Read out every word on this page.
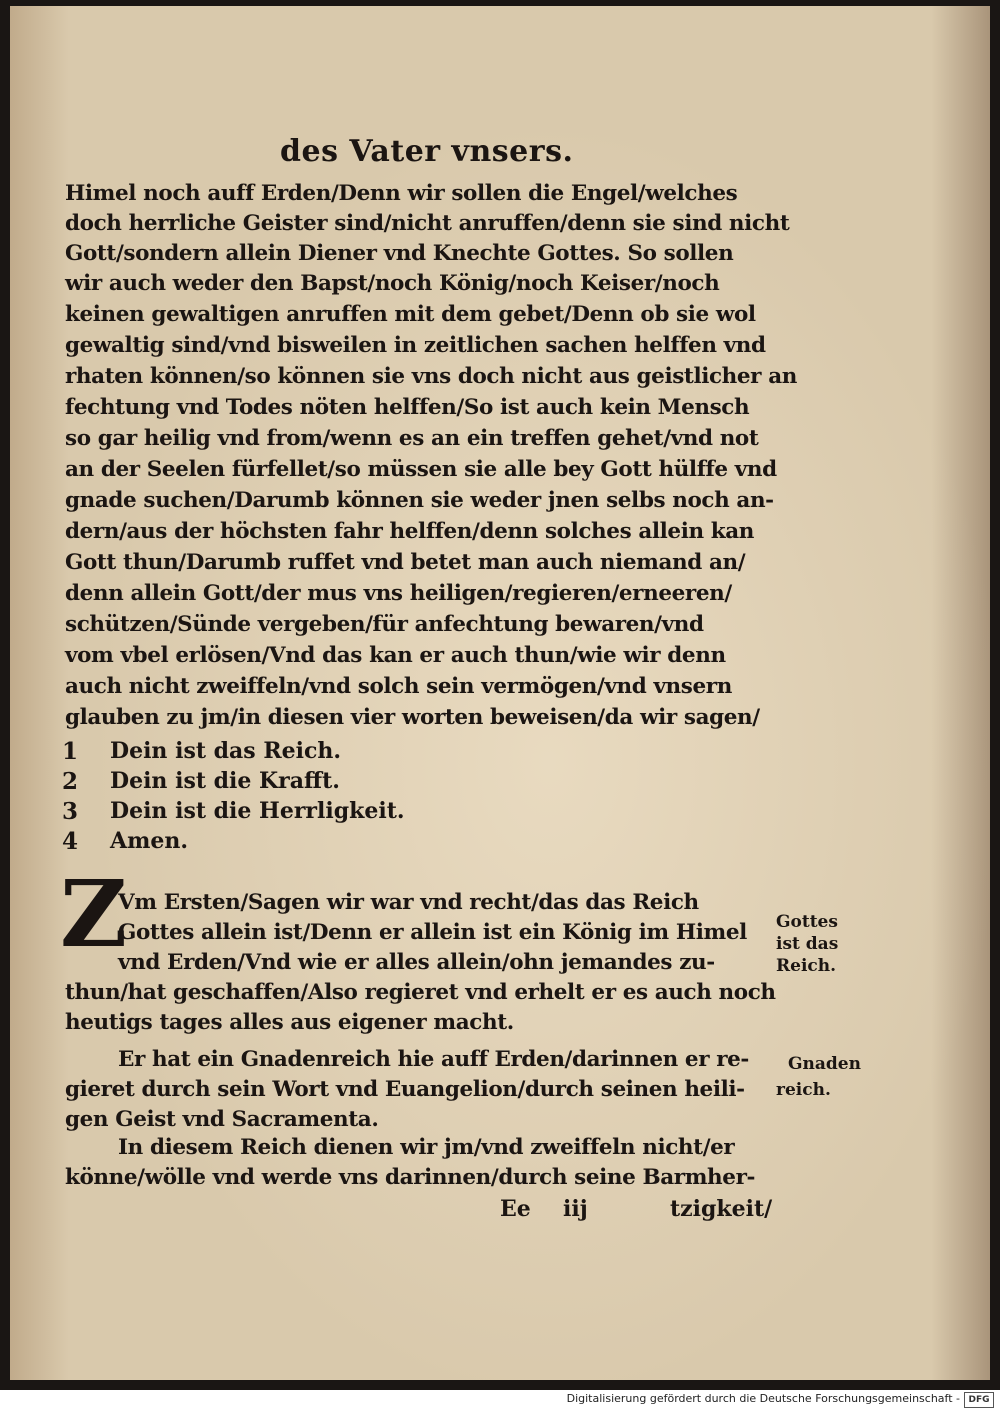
des Vater vnsers.
Himel noch auff Erden/Denn wir sollen die Engel/welches
doch herrliche Geister sind/nicht anruffen/denn sie sind nicht
Gott/sondern allein Diener vnd Knechte Gottes. So sollen
wir auch weder den Bapst/noch König/noch Keiser/noch
keinen gewaltigen anruffen mit dem gebet/Denn ob sie wol
gewaltig sind/vnd bisweilen in zeitlichen sachen helffen vnd
rhaten können/so können sie vns doch nicht aus geistlicher an
fechtung vnd Todes nöten helffen/So ist auch kein Mensch
so gar heilig vnd from/wenn es an ein treffen gehet/vnd not
an der Seelen fürfellet/so müssen sie alle bey Gott hülffe vnd
gnade suchen/Darumb können sie weder jnen selbs noch an-
dern/aus der höchsten fahr helffen/denn solches allein kan
Gott thun/Darumb ruffet vnd betet man auch niemand an/
denn allein Gott/der mus vns heiligen/regieren/erneeren/
schützen/Sünde vergeben/für anfechtung bewaren/vnd
vom vbel erlösen/Vnd das kan er auch thun/wie wir denn
auch nicht zweiffeln/vnd solch sein vermögen/vnd vnsern
glauben zu jm/in diesen vier worten beweisen/da wir sagen/
1 Dein ist das Reich.
2 Dein ist die Krafft.
3 Dein ist die Herrligkeit.
4 Amen.
Z
Vm Ersten/Sagen wir war vnd recht/das das Reich
Gottes allein ist/Denn er allein ist ein König im Himel
vnd Erden/Vnd wie er alles allein/ohn jemandes zu-
thun/hat geschaffen/Also regieret vnd erhelt er es auch noch
heutigs tages alles aus eigener macht.
Er hat ein Gnadenreich hie auff Erden/darinnen er re-
gieret durch sein Wort vnd Euangelion/durch seinen heili-
gen Geist vnd Sacramenta.
In diesem Reich dienen wir jm/vnd zweiffeln nicht/er
könne/wölle vnd werde vns darinnen/durch seine Barmher-
Gottes
ist das
Reich.
Gnaden
reich.
Ee iij	tzigkeit/
Digitalisierung gefördert durch die Deutsche Forschungsgemeinschaft - DFG
